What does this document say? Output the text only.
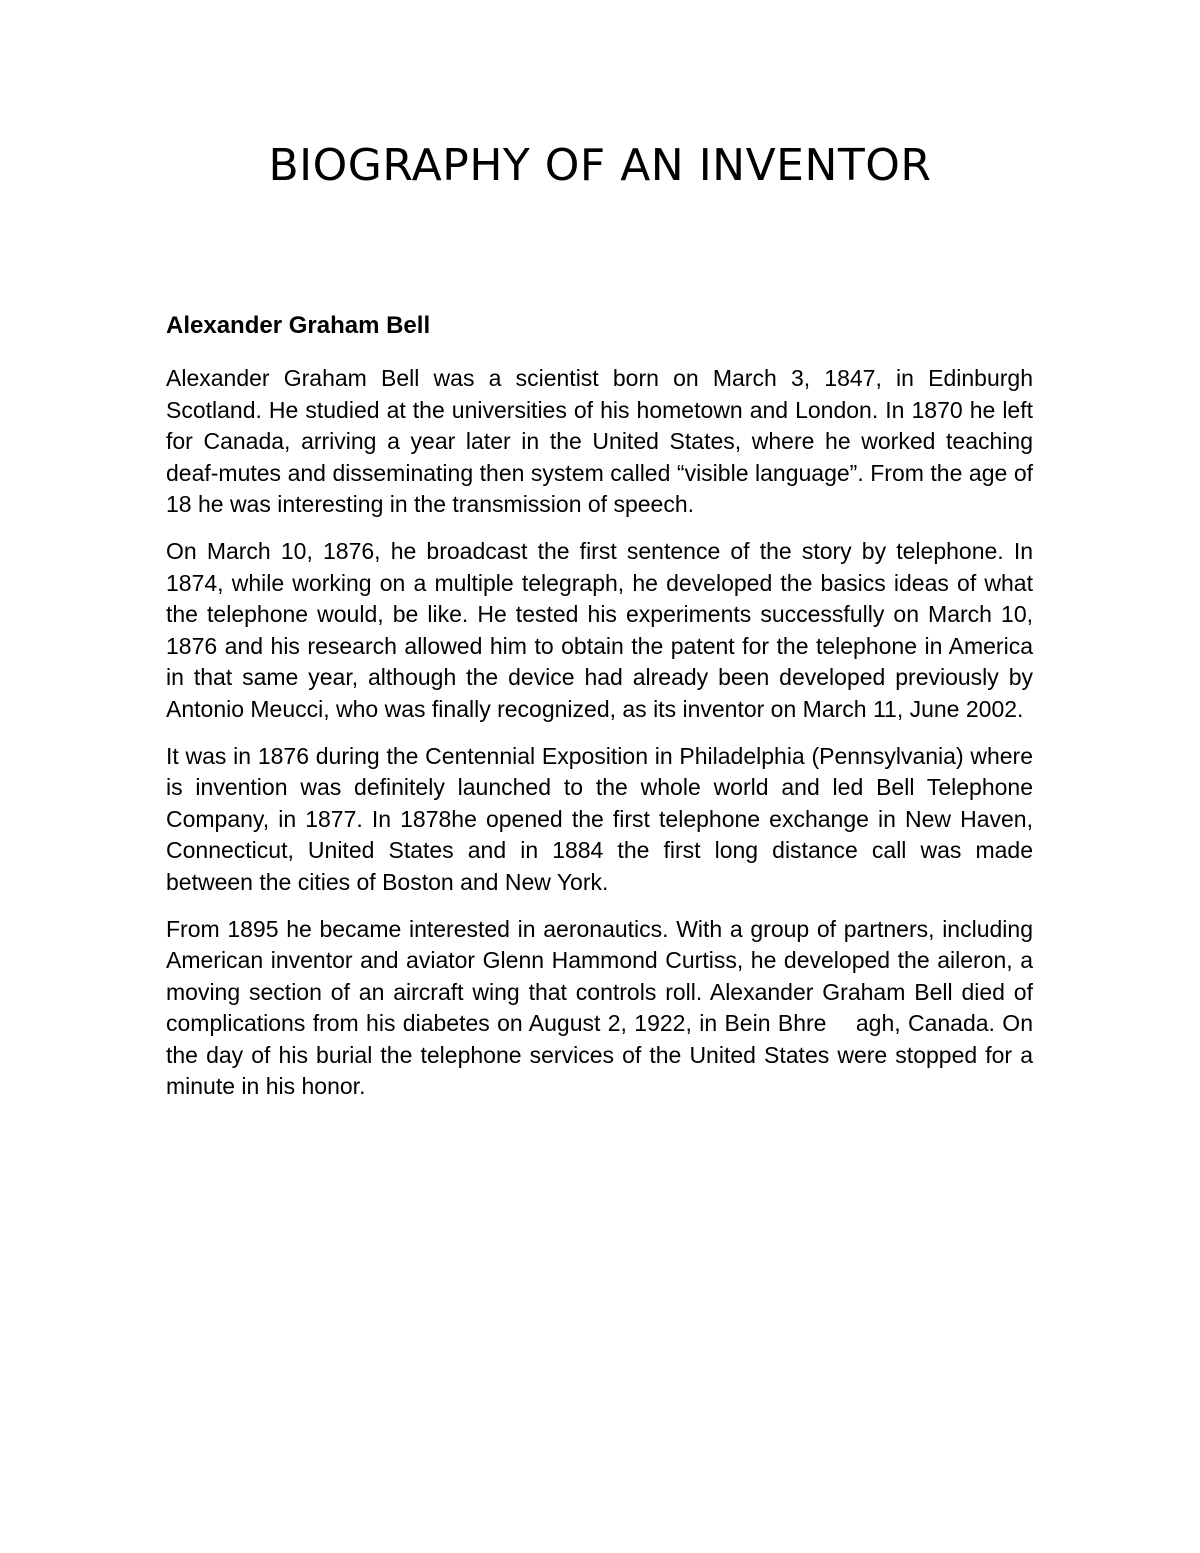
BIOGRAPHY OF AN INVENTOR
Alexander Graham Bell

Alexander Graham Bell was a scientist born on March 3, 1847, in Edinburgh Scotland. He studied at the universities of his hometown and London. In 1870 he left for Canada, arriving a year later in the United States, where he worked teaching deaf-mutes and disseminating then system called “visible language”. From the age of 18 he was interesting in the transmission of speech.

On March 10, 1876, he broadcast the first sentence of the story by telephone. In 1874, while working on a multiple telegraph, he developed the basics ideas of what the telephone would, be like. He tested his experiments successfully on March 10, 1876 and his research allowed him to obtain the patent for the telephone in America in that same year, although the device had already been developed previously by Antonio Meucci, who was finally recognized, as its inventor on March 11, June 2002.

It was in 1876 during the Centennial Exposition in Philadelphia (Pennsylvania) where is invention was definitely launched to the whole world and led Bell Telephone Company, in 1877. In 1878he opened the first telephone exchange in New Haven, Connecticut, United States and in 1884 the first long distance call was made between the cities of Boston and New York.

From 1895 he became interested in aeronautics. With a group of partners, including American inventor and aviator Glenn Hammond Curtiss, he developed the aileron, a moving section of an aircraft wing that controls roll. Alexander Graham Bell died of complications from his diabetes on August 2, 1922, in Bein Bhre    agh, Canada. On the day of his burial the telephone services of the United States were stopped for a minute in his honor.
